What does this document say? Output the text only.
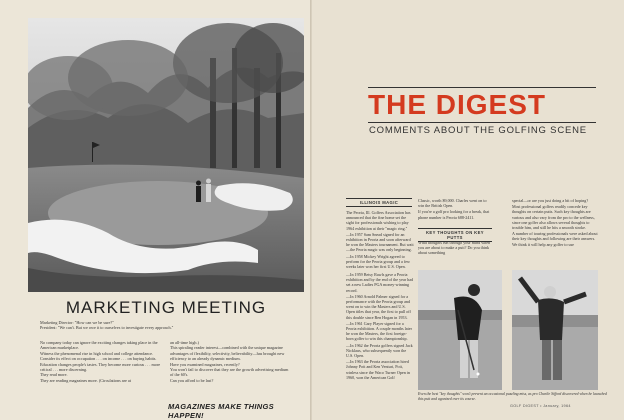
MARKETING MEETING
Marketing Director: "How can we be sure?"
President: "We can't. But we owe it to ourselves to investigate every approach."

No company today can ignore the exciting changes taking place in the American marketplace.

Witness the phenomenal rise in high school and college attendance. Consider its effect on occupation . . . on income . . . on buying habits.

Education changes people's tastes. They become more curious . . . more critical . . . more discerning.

They read more.

They are reading magazines more. (Circulations are at

an all-time high.)

This spiraling reader interest—combined with the unique magazine advantages of flexibility, selectivity, believability—has brought new efficiency to an already dynamic medium.

Have you examined magazines, recently?

You won't fail to discover that they are the growth advertising medium of the 60's.

Can you afford to be last?

MAGAZINES MAKE THINGS HAPPEN!
THE DIGEST
COMMENTS ABOUT THE GOLFING SCENE
ILLINOIS MAGIC

The Peoria, Ill. Golfers Association has announced that the fine home set the sight for professionals wishing to play 1964 exhibition at their "magic ring."

—In 1957 Sam Snead signed for an exhibition in Peoria and soon afterward he won the Masters tournament. But wait—the Peoria magic was only beginning.

—In 1958 Mickey Wright agreed to perform for the Peoria group and a few weeks later won her first U.S. Open.

—In 1959 Betsy Rawls gave a Peoria exhibition and by the end of the year had set a new Ladies PGA money-winning record.

—In 1960 Arnold Palmer signed for a performance with the Peoria group and went on to win the Masters and U.S. Open titles that year, the first to pull off this double since Ben Hogan in 1953.

—In 1961 Gary Player signed for a Peoria exhibition. A couple months later he won the Masters, the first foreign-born golfer to win this championship.

—In 1962 the Peoria golfers signed Jack Nicklaus, who subsequently won the U.S. Open.

—In 1963 the Peoria association hired Johnny Pott and Ken Venturi, Pott, winless since the Waco Turner Open in 1960, won the American Golf

Classic, worth $9,000. Charles went on to win the British Open.

If you're a golf pro looking for a break, that phone number is Peoria 688-2411.

KEY THOUGHTS ON KEY PUTTS

What thoughts run through your mind when you are about to make a putt? Do you think about something

special—or are you just doing a bit of hoping?

Most professional golfers readily concede key thoughts on certain putts. Such key thoughts are various and also vary from the pro to the wellness, since one golfer also allows several thoughts to trouble him, and still he hits a smooth stroke.

A number of touring professionals were asked about their key thoughts and following are their answers. We think it will help any golfer to use

Even the best "key thoughts" won't prevent an occasional puzzling miss, as pro Charlie Sifford discovered when he launched this putt and agonized over its course.
GOLF DIGEST • January, 1964
